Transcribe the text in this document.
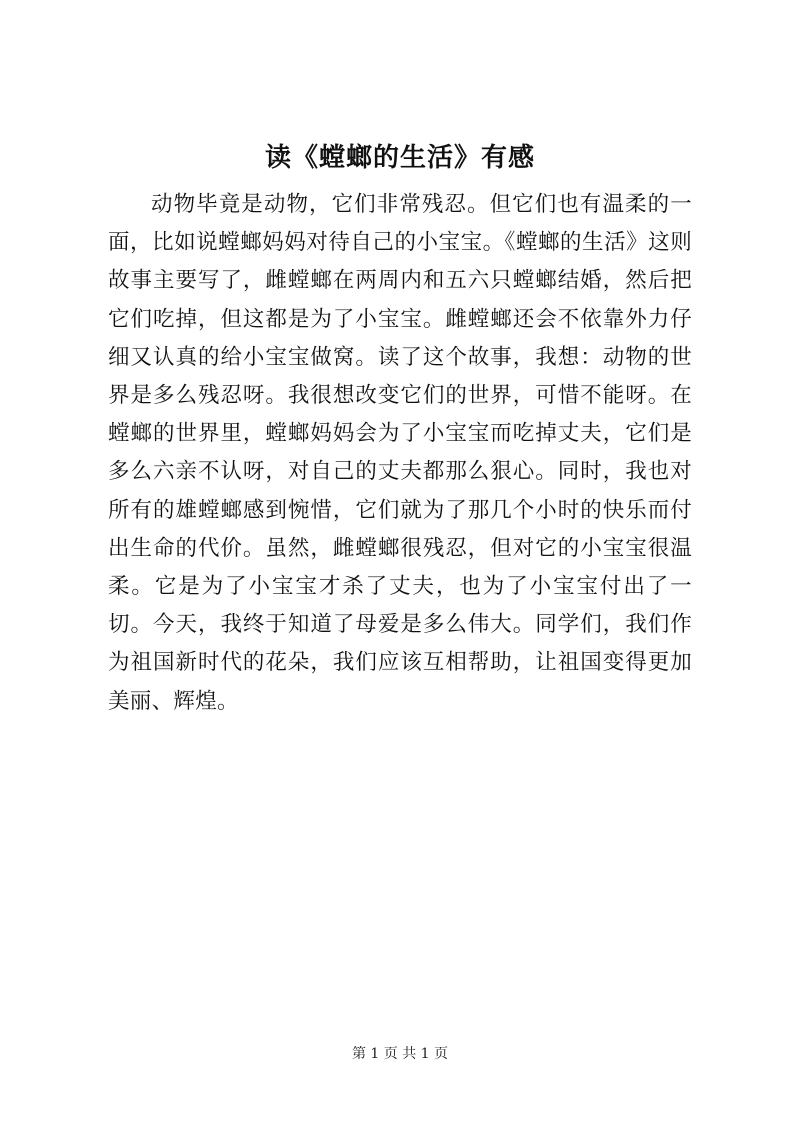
读《螳螂的生活》有感

动物毕竟是动物，它们非常残忍。但它们也有温柔的一面，比如说螳螂妈妈对待自己的小宝宝。《螳螂的生活》这则故事主要写了，雌螳螂在两周内和五六只螳螂结婚，然后把它们吃掉，但这都是为了小宝宝。雌螳螂还会不依靠外力仔细又认真的给小宝宝做窝。读了这个故事，我想：动物的世界是多么残忍呀。我很想改变它们的世界，可惜不能呀。在螳螂的世界里，螳螂妈妈会为了小宝宝而吃掉丈夫，它们是多么六亲不认呀，对自己的丈夫都那么狠心。同时，我也对所有的雄螳螂感到惋惜，它们就为了那几个小时的快乐而付出生命的代价。虽然，雌螳螂很残忍，但对它的小宝宝很温柔。它是为了小宝宝才杀了丈夫，也为了小宝宝付出了一切。今天，我终于知道了母爱是多么伟大。同学们，我们作为祖国新时代的花朵，我们应该互相帮助，让祖国变得更加美丽、辉煌。

第 1 页 共 1 页
